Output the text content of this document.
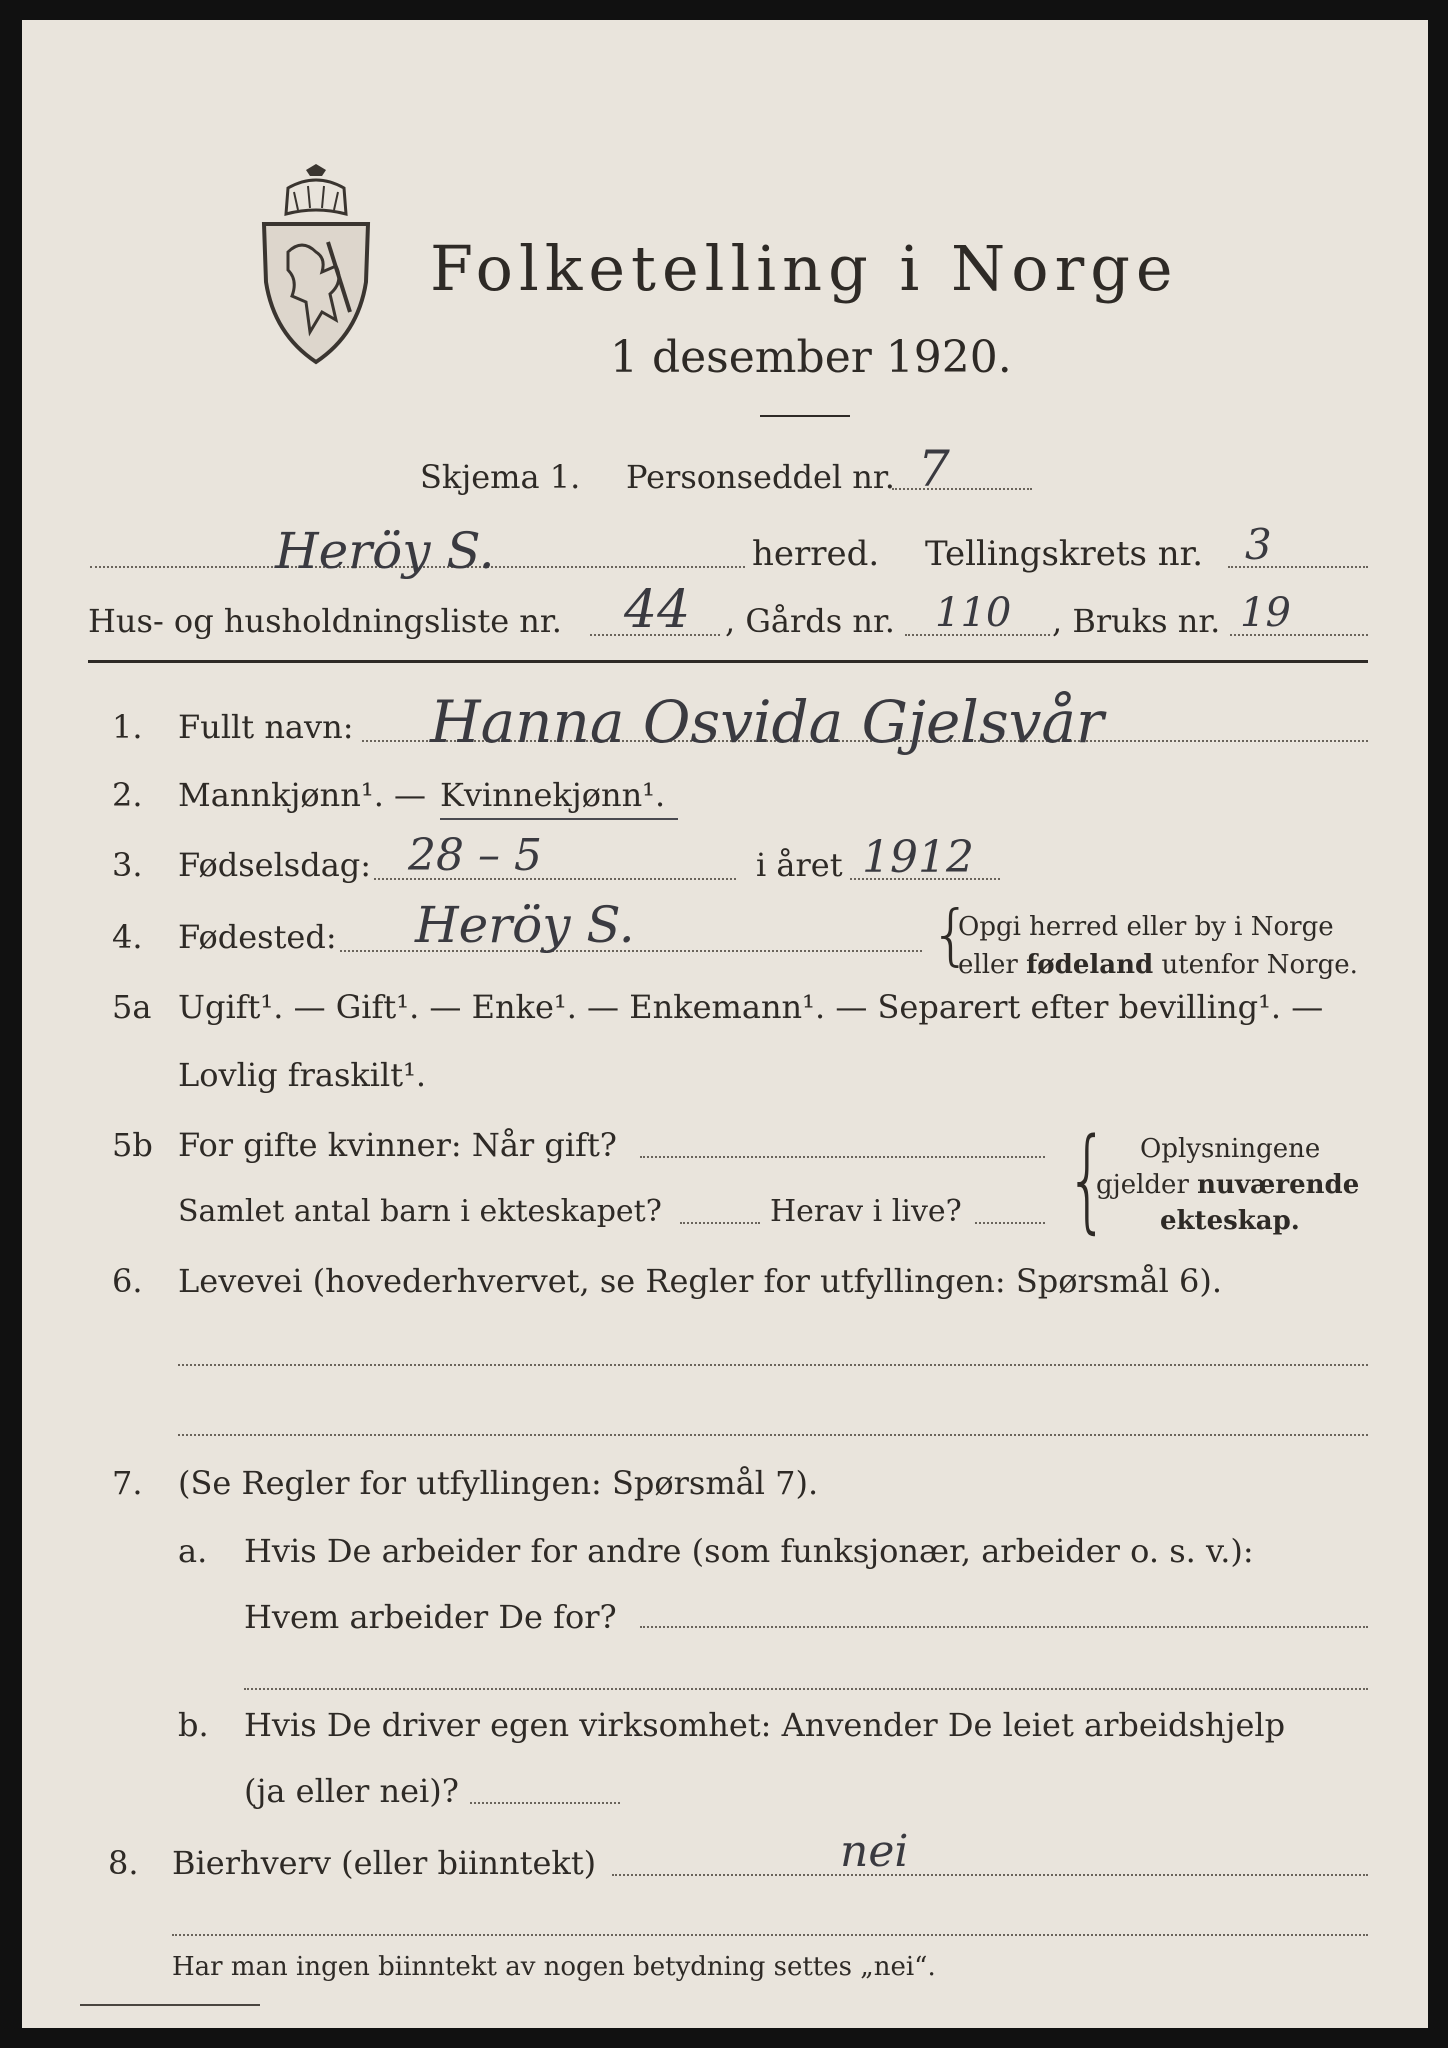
Folketelling i Norge
1 desember 1920.
Skjema 1. Personseddel nr. 7
Heröy S.	herred. Tellingskrets nr. 3
Hus- og husholdningsliste nr. 44 , Gårds nr. 110 , Bruks nr. 19
1. Fullt navn: Hanna Osvida Gjelsvår
2. Mannkjønn¹. — Kvinnekjønn¹.
3. Fødselsdag: 28 – 5	i året 1912
4. Fødested: Heröy S.	{
Opgi herred eller by i Norge
eller fødeland utenfor Norge.
5a Ugift¹. — Gift¹. — Enke¹. — Enkemann¹. — Separert efter bevilling¹. —
Lovlig fraskilt¹.
5b For gifte kvinner: Når gift?
Samlet antal barn i ekteskapet?	Herav i live? { Oplysningene
gjelder nuværende
ekteskap.
6. Levevei (hovederhvervet, se Regler for utfyllingen: Spørsmål 6).
7. (Se Regler for utfyllingen: Spørsmål 7).
a. Hvis De arbeider for andre (som funksjonær, arbeider o. s. v.):
Hvem arbeider De for?
b. Hvis De driver egen virksomhet: Anvender De leiet arbeidshjelp
(ja eller nei)?
8. Bierhverv (eller biinntekt)	nei
Har man ingen biinntekt av nogen betydning settes „nei“.
